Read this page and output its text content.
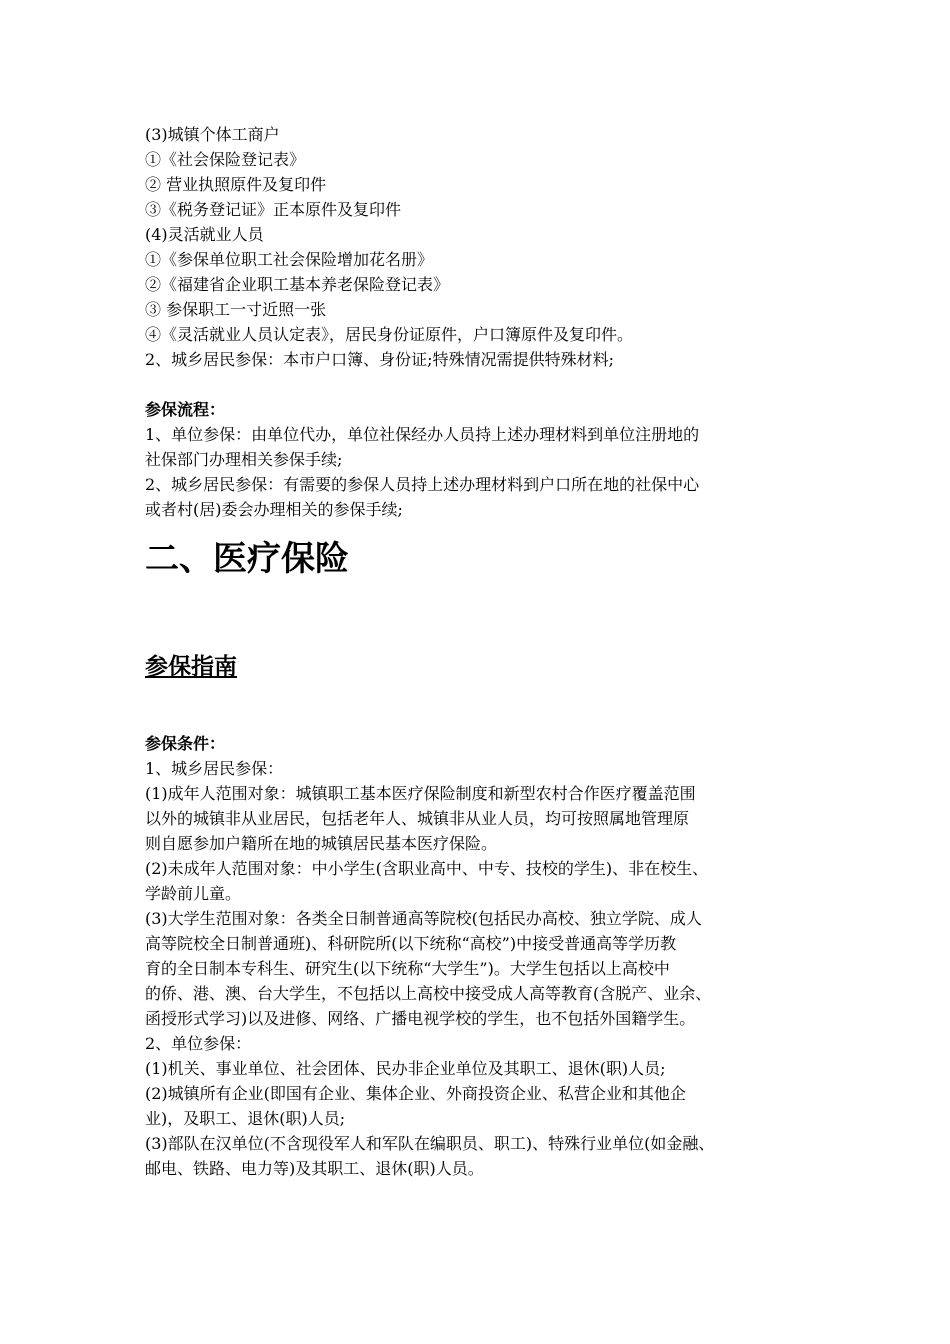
(3)城镇个体工商户
①《社会保险登记表》
② 营业执照原件及复印件
③《税务登记证》正本原件及复印件
(4)灵活就业人员
①《参保单位职工社会保险增加花名册》
②《福建省企业职工基本养老保险登记表》
③ 参保职工一寸近照一张
④《灵活就业人员认定表》，居民身份证原件，户口簿原件及复印件。
2、城乡居民参保：本市户口簿、身份证;特殊情况需提供特殊材料;
参保流程：
1、单位参保：由单位代办，单位社保经办人员持上述办理材料到单位注册地的
社保部门办理相关参保手续;
2、城乡居民参保：有需要的参保人员持上述办理材料到户口所在地的社保中心
或者村(居)委会办理相关的参保手续;
二、医疗保险
参保指南
参保条件：
1、城乡居民参保：
(1)成年人范围对象：城镇职工基本医疗保险制度和新型农村合作医疗覆盖范围
以外的城镇非从业居民，包括老年人、城镇非从业人员，均可按照属地管理原
则自愿参加户籍所在地的城镇居民基本医疗保险。
(2)未成年人范围对象：中小学生(含职业高中、中专、技校的学生)、非在校生、
学龄前儿童。
(3)大学生范围对象：各类全日制普通高等院校(包括民办高校、独立学院、成人
高等院校全日制普通班)、科研院所(以下统称“高校”)中接受普通高等学历教
育的全日制本专科生、研究生(以下统称“大学生”)。大学生包括以上高校中
的侨、港、澳、台大学生，不包括以上高校中接受成人高等教育(含脱产、业余、
函授形式学习)以及进修、网络、广播电视学校的学生，也不包括外国籍学生。
2、单位参保：
(1)机关、事业单位、社会团体、民办非企业单位及其职工、退休(职)人员;
(2)城镇所有企业(即国有企业、集体企业、外商投资企业、私营企业和其他企
业)，及职工、退休(职)人员;
(3)部队在汉单位(不含现役军人和军队在编职员、职工)、特殊行业单位(如金融、
邮电、铁路、电力等)及其职工、退休(职)人员。
